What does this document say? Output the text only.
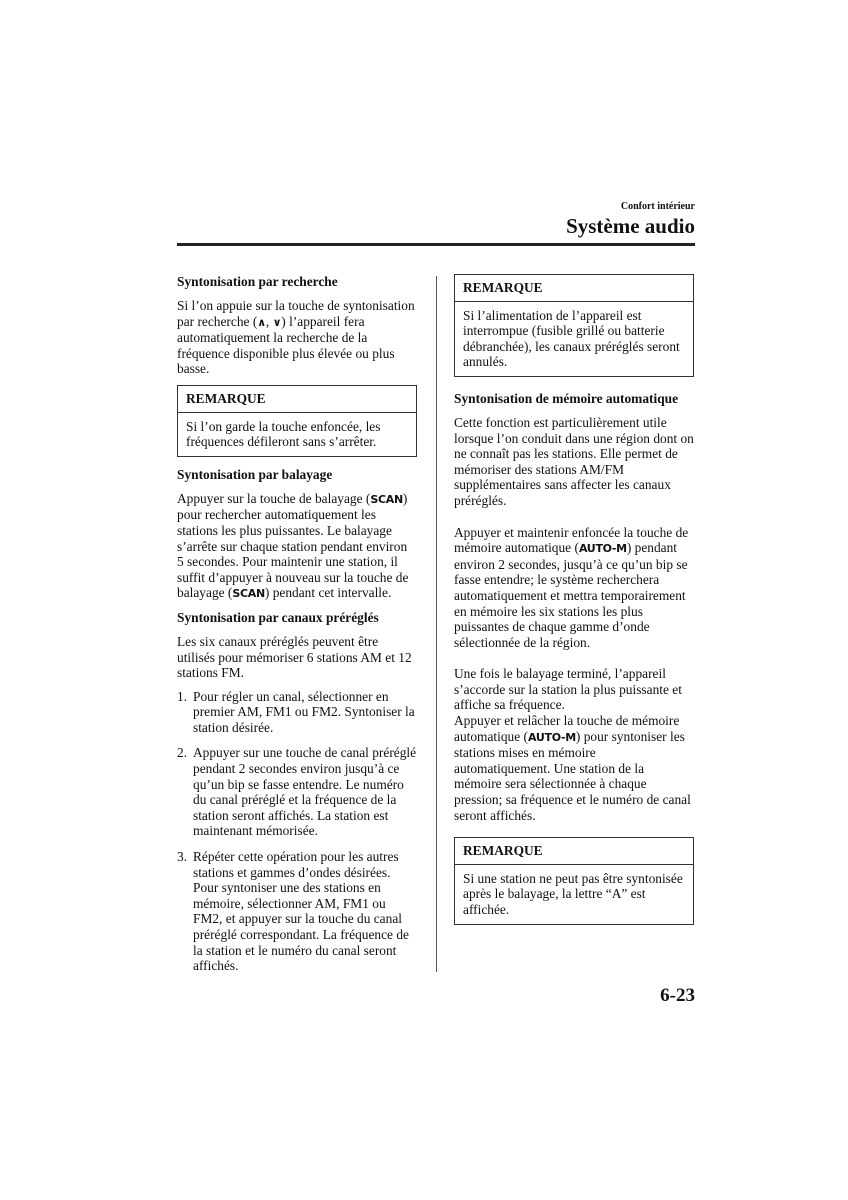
Confort intérieur
Système audio
Syntonisation par recherche

Si l’on appuie sur la touche de syntonisation par recherche (∧, ∨) l’appareil fera automatiquement la recherche de la fréquence disponible plus élevée ou plus basse.

REMARQUE
Si l’on garde la touche enfoncée, les fréquences défileront sans s’arrêter.
Syntonisation par balayage

Appuyer sur la touche de balayage (SCAN) pour rechercher automatiquement les stations les plus puissantes. Le balayage s’arrête sur chaque station pendant environ 5 secondes. Pour maintenir une station, il suffit d’appuyer à nouveau sur la touche de balayage (SCAN) pendant cet intervalle.

Syntonisation par canaux préréglés

Les six canaux préréglés peuvent être utilisés pour mémoriser 6 stations AM et 12 stations FM.

1. Pour régler un canal, sélectionner en premier AM, FM1 ou FM2. Syntoniser la station désirée.
2. Appuyer sur une touche de canal préréglé pendant 2 secondes environ jusqu’à ce qu’un bip se fasse entendre. Le numéro du canal préréglé et la fréquence de la station seront affichés. La station est maintenant mémorisée.
3. Répéter cette opération pour les autres stations et gammes d’ondes désirées. Pour syntoniser une des stations en mémoire, sélectionner AM, FM1 ou FM2, et appuyer sur la touche du canal préréglé correspondant. La fréquence de la station et le numéro du canal seront affichés.
REMARQUE
Si l’alimentation de l’appareil est interrompue (fusible grillé ou batterie débranchée), les canaux préréglés seront annulés.
Syntonisation de mémoire automatique

Cette fonction est particulièrement utile lorsque l’on conduit dans une région dont on ne connaît pas les stations. Elle permet de mémoriser des stations AM/FM supplémentaires sans affecter les canaux préréglés.

Appuyer et maintenir enfoncée la touche de mémoire automatique (AUTO-M) pendant environ 2 secondes, jusqu’à ce qu’un bip se fasse entendre; le système recherchera automatiquement et mettra temporairement en mémoire les six stations les plus puissantes de chaque gamme d’onde sélectionnée de la région.

Une fois le balayage terminé, l’appareil s’accorde sur la station la plus puissante et affiche sa fréquence.

Appuyer et relâcher la touche de mémoire automatique (AUTO-M) pour syntoniser les stations mises en mémoire automatiquement. Une station de la mémoire sera sélectionnée à chaque pression; sa fréquence et le numéro de canal seront affichés.

REMARQUE
Si une station ne peut pas être syntonisée après le balayage, la lettre “A” est affichée.
6-23
